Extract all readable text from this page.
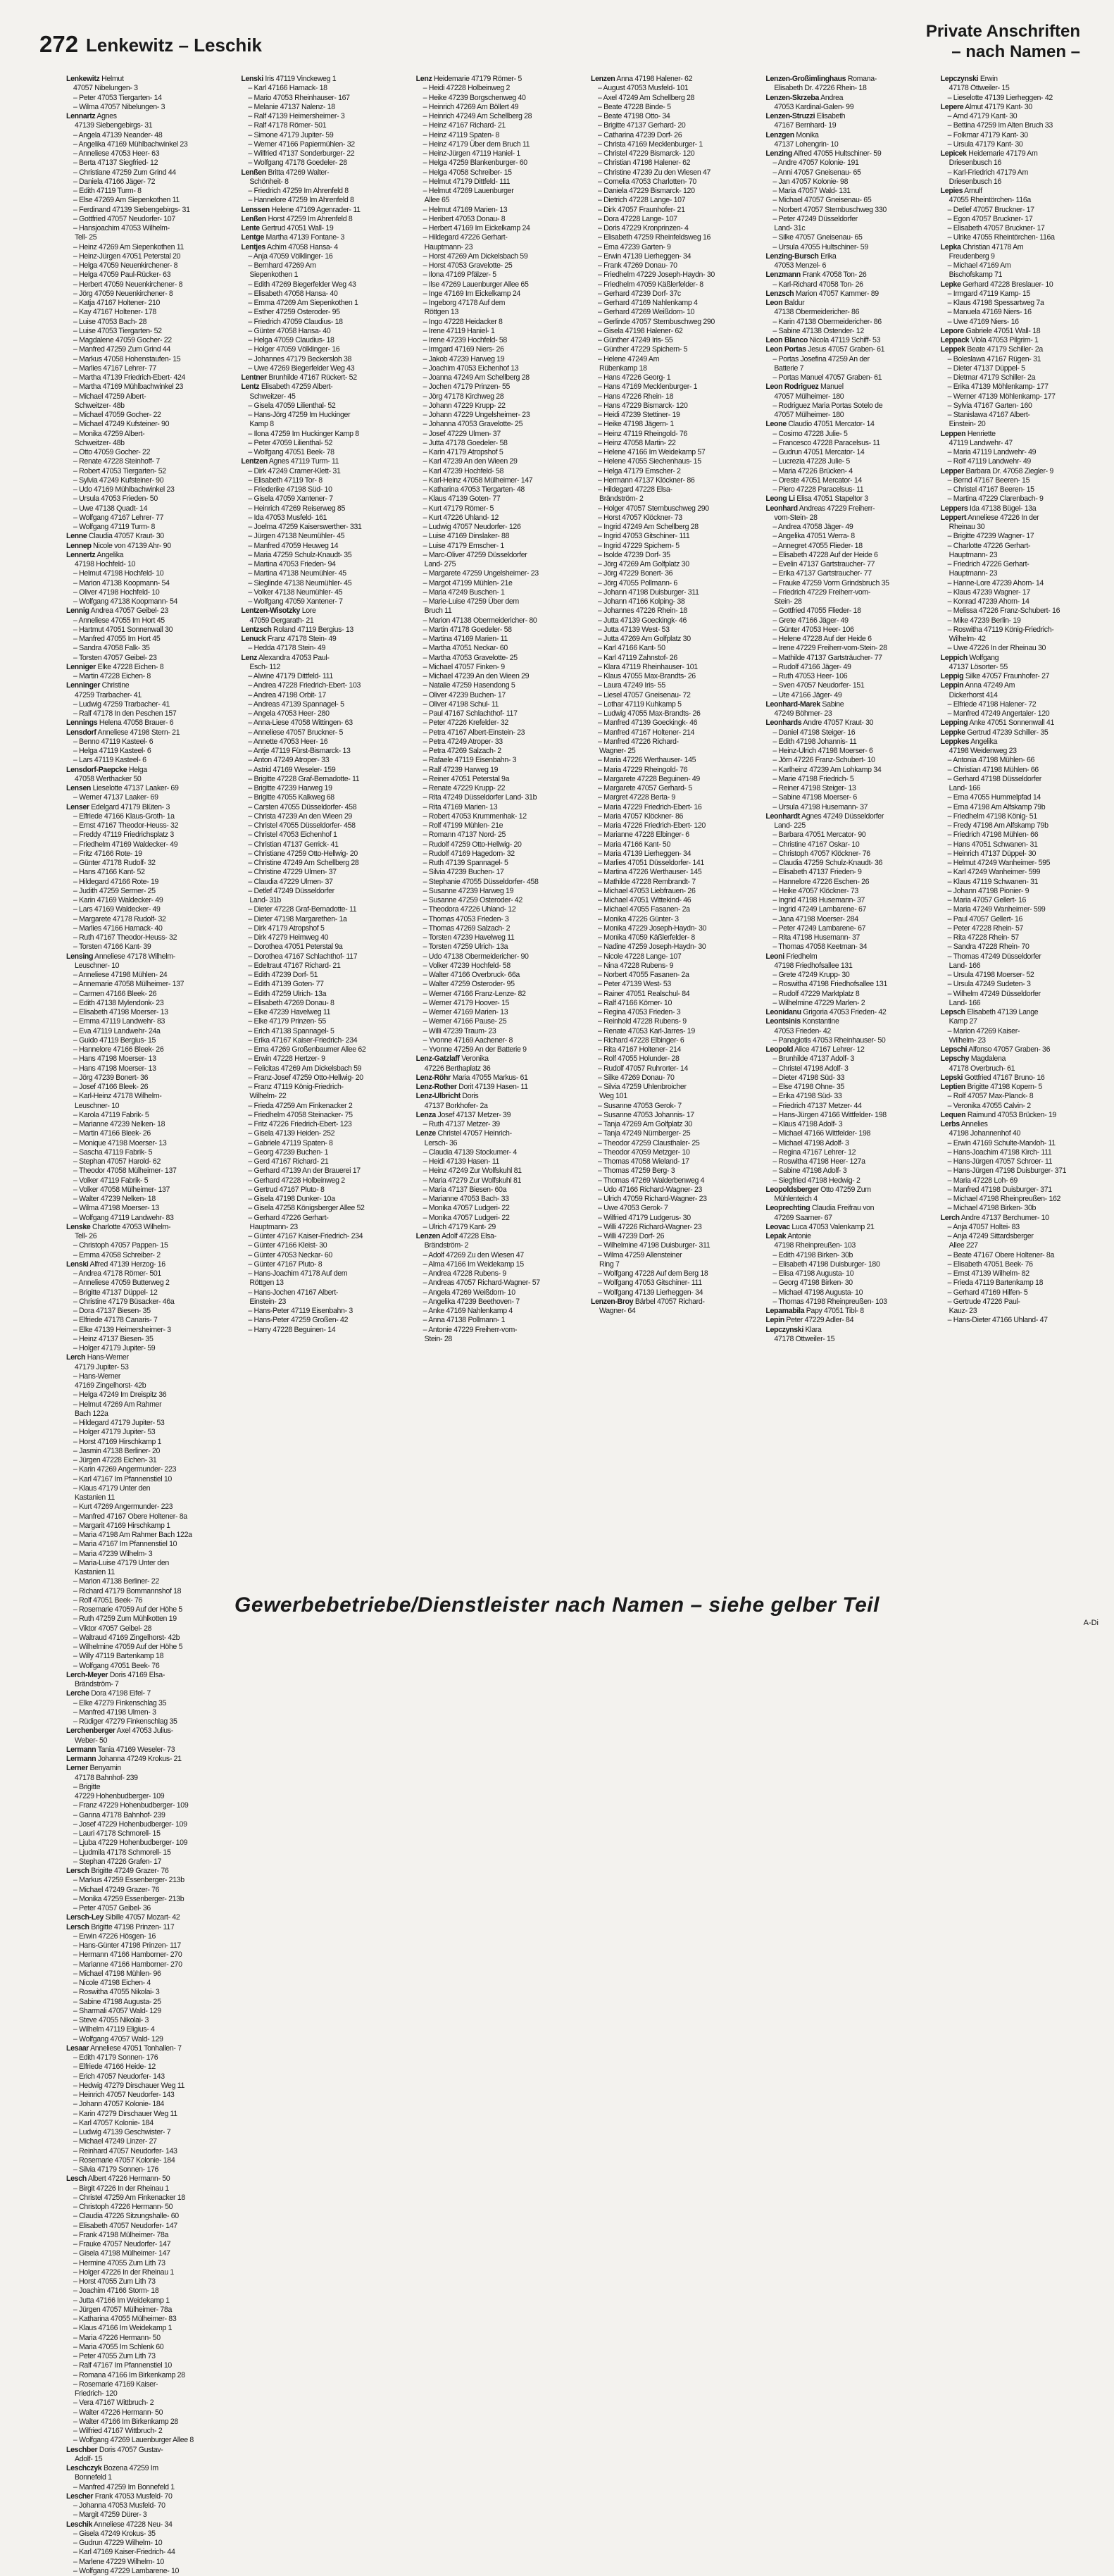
272 Lenkewitz – Leschik
Private Anschriften
– nach Namen –
Lenkewitz Helmut
47057 Nibelungen- 3
– Peter 47053 Tiergarten- 14
– Wilma 47057 Nibelungen- 3
Lennartz Agnes
47139 Siebengebirgs- 31
– Angela 47139 Neander- 48
– Angelika 47169 Mühlbachwinkel 23
– Anneliese 47053 Heer- 63
– Berta 47137 Siegfried- 12
– Christiane 47259 Zum Grind 44
– Daniela 47166 Jäger- 72
– Edith 47119 Turm- 8
– Else 47269 Am Siepenkothen 11
– Ferdinand 47139 Siebengebirgs- 31
– Gottfried 47057 Neudorfer- 107
– Hansjoachim 47053 Wilhelm-
Tell- 25
– Heinz 47269 Am Siepenkothen 11
– Heinz-Jürgen 47051 Peterstal 20
– Helga 47059 Neuenkirchener- 8
– Helga 47059 Paul-Rücker- 63
– Herbert 47059 Neuenkirchener- 8
– Jörg 47059 Neuenkirchener- 8
– Katja 47167 Holtener- 210
– Kay 47167 Holtener- 178
– Luise 47053 Bach- 28
– Luise 47053 Tiergarten- 52
– Magdalene 47059 Gocher- 22
– Manfred 47259 Zum Grind 44
– Markus 47058 Hohenstaufen- 15
– Marlies 47167 Lehrer- 77
– Martha 47139 Friedrich-Ebert- 424
– Martha 47169 Mühlbachwinkel 23
– Michael 47259 Albert-
Schweitzer- 48b
– Michael 47059 Gocher- 22
– Michael 47249 Kufsteiner- 90
– Monika 47259 Albert-
Schweitzer- 48b
– Otto 47059 Gocher- 22
– Renate 47228 Steinhoff- 7
– Robert 47053 Tiergarten- 52
– Sylvia 47249 Kufsteiner- 90
– Udo 47169 Mühlbachwinkel 23
– Ursula 47053 Frieden- 50
– Uwe 47138 Quadt- 14
– Wolfgang 47167 Lehrer- 77
– Wolfgang 47119 Turm- 8
Lenne Claudia 47057 Kraut- 30
Lennep Nicole von 47139 Ahr- 90
Lennertz Angelika
47198 Hochfeld- 10
– Helmut 47198 Hochfeld- 10
– Marion 47138 Koopmann- 54
– Oliver 47198 Hochfeld- 10
– Wolfgang 47138 Koopmann- 54
Lennig Andrea 47057 Geibel- 23
– Anneliese 47055 Im Hort 45
– Hartmut 47051 Sonnenwall 30
– Manfred 47055 Im Hort 45
– Sandra 47058 Falk- 35
– Torsten 47057 Geibel- 23
Lenniger Elke 47228 Eichen- 8
– Martin 47228 Eichen- 8
Lenninger Christine
47259 Trarbacher- 41
– Ludwig 47259 Trarbacher- 41
– Ralf 47178 In den Peschen 157
Lennings Helena 47058 Brauer- 6
Lensdorf Anneliese 47198 Stern- 21
– Benno 47119 Kasteel- 6
– Helga 47119 Kasteel- 6
– Lars 47119 Kasteel- 6
Lensdorf-Paepcke Helga
47058 Werthacker 50
Lensen Lieselotte 47137 Laaker- 69
– Werner 47137 Laaker- 69
Lenser Edelgard 47179 Blüten- 3
– Elfriede 47166 Klaus-Groth- 1a
– Ernst 47167 Theodor-Heuss- 32
– Freddy 47119 Friedrichsplatz 3
– Friedhelm 47169 Waldecker- 49
– Fritz 47166 Rote- 19
– Günter 47178 Rudolf- 32
– Hans 47166 Kant- 52
– Hildegard 47166 Rote- 19
– Judith 47259 Sermer- 25
– Karin 47169 Waldecker- 49
– Lars 47169 Waldecker- 49
– Margarete 47178 Rudolf- 32
– Marlies 47166 Harnack- 40
– Ruth 47167 Theodor-Heuss- 32
– Torsten 47166 Kant- 39
Lensing Anneliese 47178 Wilhelm-
Leuschner- 10
– Anneliese 47198 Mühlen- 24
– Annemarie 47058 Mülheimer- 137
– Carmen 47166 Bleek- 26
– Edith 47138 Mylendonk- 23
– Elisabeth 47198 Moerser- 13
– Emma 47119 Landwehr- 83
– Eva 47119 Landwehr- 24a
– Guido 47119 Bergius- 15
– Hannelore 47166 Bleek- 26
– Hans 47198 Moerser- 13
– Hans 47198 Moerser- 13
– Jörg 47239 Bonert- 36
– Josef 47166 Bleek- 26
– Karl-Heinz 47178 Wilhelm-
Leuschner- 10
– Karola 47119 Fabrik- 5
– Marianne 47239 Nelken- 18
– Martin 47166 Bleek- 26
– Monique 47198 Moerser- 13
– Sascha 47119 Fabrik- 5
– Stephan 47057 Harold- 62
– Theodor 47058 Mülheimer- 137
– Volker 47119 Fabrik- 5
– Volker 47058 Mülheimer- 137
– Walter 47239 Nelken- 18
– Wilma 47198 Moerser- 13
– Wolfgang 47119 Landwehr- 83
Lenske Charlotte 47053 Wilhelm-
Tell- 26
– Christoph 47057 Pappen- 15
– Emma 47058 Schreiber- 2
Lenski Alfred 47139 Herzog- 16
– Andrea 47178 Römer- 501
– Anneliese 47059 Butterweg 2
– Brigitte 47137 Düppel- 12
– Christine 47179 Büsacker- 46a
– Dora 47137 Biesen- 35
– Elfriede 47178 Canaris- 7
– Elke 47139 Heimersheimer- 3
– Heinz 47137 Biesen- 35
– Holger 47179 Jupiter- 59
Lenski Iris 47119 Vinckeweg 1
– Karl 47166 Harnack- 18
– Mario 47053 Rheinhauser- 167
– Melanie 47137 Nalenz- 18
– Ralf 47139 Heimersheimer- 3
– Ralf 47178 Römer- 501
– Simone 47179 Jupiter- 59
– Werner 47166 Papiermühlen- 32
– Wilfried 47137 Sonderburger- 22
– Wolfgang 47178 Goedeler- 28
Lenßen Britta 47269 Walter-
Schönheit- 8
– Friedrich 47259 Im Ahrenfeld 8
– Hannelore 47259 Im Ahrenfeld 8
Lenssen Helene 47169 Agenrader- 11
Lenßen Horst 47259 Im Ahrenfeld 8
Lente Gertrud 47051 Wall- 19
Lentge Martha 47139 Fontane- 3
Lentjes Achim 47058 Hansa- 4
– Anja 47059 Völklinger- 16
– Bernhard 47269 Am
Siepenkothen 1
– Edith 47269 Biegerfelder Weg 43
– Elisabeth 47058 Hansa- 40
– Emma 47269 Am Siepenkothen 1
– Esther 47259 Osteroder- 95
– Friedrich 47059 Claudius- 18
– Günter 47058 Hansa- 40
– Helga 47059 Claudius- 18
– Holger 47059 Völklinger- 16
– Johannes 47179 Beckersloh 38
– Uwe 47269 Biegerfelder Weg 43
Lentner Brunhilde 47167 Rückert- 52
Lentz Elisabeth 47259 Albert-
Schweitzer- 45
– Gisela 47059 Lilienthal- 52
– Hans-Jörg 47259 Im Huckinger
Kamp 8
– Ilona 47259 Im Huckinger Kamp 8
– Peter 47059 Lilienthal- 52
– Wolfgang 47051 Beek- 78
Lentzen Agnes 47119 Turm- 11
– Dirk 47249 Cramer-Klett- 31
– Elisabeth 47119 Tor- 8
– Friederike 47198 Süd- 10
– Gisela 47059 Xantener- 7
– Heinrich 47269 Reiserweg 85
– Ida 47053 Musfeld- 161
– Joelma 47259 Kaiserswerther- 331
– Jürgen 47138 Neumühler- 45
– Manfred 47059 Heuweg 14
– Maria 47259 Schulz-Knaudt- 35
– Martina 47053 Frieden- 94
– Martina 47138 Neumühler- 45
– Sieglinde 47138 Neumühler- 45
– Volker 47138 Neumühler- 45
– Wolfgang 47059 Xantener- 7
Lentzen-Wisotzky Lore
47059 Dergarath- 21
Lentzsch Roland 47119 Bergius- 13
Lenuck Franz 47178 Stein- 49
– Hedda 47178 Stein- 49
Lenz Alexandra 47053 Paul-
Esch- 112
– Alwine 47179 Dittfeld- 111
– Andrea 47228 Friedrich-Ebert- 103
– Andrea 47198 Orbit- 17
– Andreas 47139 Spannagel- 5
– Angela 47053 Heer- 280
– Anna-Liese 47058 Wittingen- 63
– Anneliese 47057 Bruckner- 5
– Annette 47053 Heer- 16
– Antje 47119 Fürst-Bismarck- 13
– Anton 47249 Atroper- 33
– Astrid 47169 Weseler- 159
– Brigitte 47228 Graf-Bernadotte- 11
– Brigitte 47239 Harweg 19
– Brigitte 47055 Kalkweg 68
– Carsten 47055 Düsseldorfer- 458
– Christa 47239 An den Wieen 29
– Christel 47055 Düsseldorfer- 458
– Christel 47053 Eichenhof 1
– Christian 47137 Gerrick- 41
– Christiane 47259 Otto-Hellwig- 20
– Christine 47249 Am Schellberg 28
– Christine 47229 Ulmen- 37
– Claudia 47229 Ulmen- 37
– Detlef 47249 Düsseldorfer
Land- 31b
– Dieter 47228 Graf-Bernadotte- 11
– Dieter 47198 Margarethen- 1a
– Dirk 47179 Atropshof 5
– Dirk 47279 Heimweg 40
– Dorothea 47051 Peterstal 9a
– Dorothea 47167 Schlachthof- 117
– Edeltraut 47167 Richard- 21
– Edith 47239 Dorf- 51
– Edith 47139 Goten- 77
– Edith 47259 Ulrich- 13a
– Elisabeth 47269 Donau- 8
– Elke 47239 Havelweg 11
– Elke 47179 Prinzen- 55
– Erich 47138 Spannagel- 5
– Erika 47167 Kaiser-Friedrich- 234
– Erna 47269 Großenbaumer Allee 62
– Erwin 47228 Hertzer- 9
– Felicitas 47269 Am Dickelsbach 59
– Franz-Josef 47259 Otto-Hellwig- 20
– Franz 47119 König-Friedrich-
Wilhelm- 22
– Frieda 47259 Am Finkenacker 2
– Friedhelm 47058 Steinacker- 75
– Fritz 47226 Friedrich-Ebert- 123
– Gisela 47139 Heiden- 252
– Gabriele 47119 Spaten- 8
– Georg 47239 Buchen- 1
– Gerd 47167 Richard- 21
– Gerhard 47139 An der Brauerei 17
– Gerhard 47228 Holbeinweg 2
– Gertrud 47167 Pluto- 8
– Gisela 47198 Dunker- 10a
– Gisela 47258 Königsberger Allee 52
– Gerhard 47226 Gerhart-
Hauptmann- 23
– Günter 47167 Kaiser-Friedrich- 234
– Günter 47166 Kleist- 30
– Günter 47053 Neckar- 60
– Günter 47167 Pluto- 8
– Hans-Joachim 47178 Auf dem
Röttgen 13
– Hans-Jochen 47167 Albert-
Einstein- 23
– Hans-Peter 47119 Eisenbahn- 3
– Hans-Peter 47259 Großen- 42
– Harry 47228 Beguinen- 14
Lenz Heidemarie 47179 Römer- 5
– Heidi 47228 Holbeinweg 2
– Heike 47239 Borgschenweg 40
– Heinrich 47269 Am Böllert 49
– Heinrich 47249 Am Schellberg 28
– Heinz 47167 Richard- 21
– Heinz 47119 Spaten- 8
– Heinz 47179 Über dem Bruch 11
– Heinz-Jürgen 47119 Haniel- 1
– Helga 47259 Blankenburger- 60
– Helga 47058 Schreiber- 15
– Helmut 47179 Dittfeld- 111
– Helmut 47269 Lauenburger
Allee 65
– Helmut 47169 Marien- 13
– Heribert 47053 Donau- 8
– Herbert 47169 Im Eickelkamp 24
– Hildegard 47226 Gerhart-
Hauptmann- 23
– Horst 47269 Am Dickelsbach 59
– Horst 47053 Gravelotte- 25
– Ilona 47169 Pfälzer- 5
– Ilse 47269 Lauenburger Allee 65
– Inge 47169 Im Eickelkamp 24
– Ingeborg 47178 Auf dem
Röttgen 13
– Ingo 47228 Heidacker 8
– Irene 47119 Haniel- 1
– Irene 47239 Hochfeld- 58
– Irmgard 47169 Niers- 26
– Jakob 47239 Harweg 19
– Joachim 47053 Eichenhof 13
– Joanna 47249 Am Schellberg 28
– Jochen 47179 Prinzen- 55
– Jörg 47178 Kirchweg 28
– Johann 47229 Krupp- 22
– Johann 47229 Ungelsheimer- 23
– Johanna 47053 Gravelotte- 25
– Josef 47229 Ulmen- 37
– Jutta 47178 Goedeler- 58
– Karin 47179 Atropshof 5
– Karl 47239 An den Wieen 29
– Karl 47239 Hochfeld- 58
– Karl-Heinz 47058 Mülheimer- 147
– Katharina 47053 Tiergarten- 48
– Klaus 47139 Goten- 77
– Kurt 47179 Römer- 5
– Kurt 47226 Uhland- 12
– Ludwig 47057 Neudorfer- 126
– Luise 47169 Dinslaker- 88
– Luise 47179 Emscher- 1
– Marc-Oliver 47259 Düsseldorfer
Land- 275
– Margarete 47259 Ungelsheimer- 23
– Margot 47199 Mühlen- 21e
– Maria 47249 Buschen- 1
– Marie-Luise 47259 Über dem
Bruch 11
– Marion 47138 Obermeidericher- 80
– Martin 47178 Goedeler- 58
– Martina 47169 Marien- 11
– Martha 47051 Neckar- 60
– Martha 47053 Gravelotte- 25
– Michael 47057 Finken- 9
– Michael 47239 An den Wieen 29
– Natalie 47259 Hasendong 5
– Oliver 47239 Buchen- 17
– Oliver 47198 Schul- 11
– Paul 47167 Schlachthof- 117
– Peter 47226 Krefelder- 32
– Petra 47167 Albert-Einstein- 23
– Petra 47249 Atroper- 33
– Petra 47269 Salzach- 2
– Rafaele 47119 Eisenbahn- 3
– Ralf 47239 Harweg 19
– Reiner 47051 Peterstal 9a
– Renate 47229 Krupp- 22
– Rita 47249 Düsseldorfer Land- 31b
– Rita 47169 Marien- 13
– Robert 47053 Krummenhak- 12
– Rolf 47199 Mühlen- 21e
– Romann 47137 Nord- 25
– Rudolf 47259 Otto-Hellwig- 20
– Rudolf 47169 Hagedorn- 32
– Ruth 47139 Spannagel- 5
– Silvia 47239 Buchen- 17
– Stephanie 47055 Düsseldorfer- 458
– Susanne 47239 Harweg 19
– Susanne 47259 Osteroder- 42
– Theodora 47226 Uhland- 12
– Thomas 47053 Frieden- 3
– Thomas 47269 Salzach- 2
– Torsten 47239 Havelweg 11
– Torsten 47259 Ulrich- 13a
– Udo 47138 Obermeidericher- 90
– Volker 47239 Hochfeld- 58
– Walter 47166 Overbruck- 66a
– Walter 47259 Osteroder- 95
– Werner 47166 Franz-Lenze- 82
– Werner 47179 Hoover- 15
– Werner 47169 Marien- 13
– Werner 47166 Pause- 25
– Willi 47239 Traum- 23
– Yvonne 47169 Aachener- 8
– Yvonne 47259 An der Batterie 9
Lenz-Gatzlaff Veronika
47226 Berthaplatz 36
Lenz-Röhr Maria 47055 Markus- 61
Lenz-Rother Dorit 47139 Hasen- 11
Lenz-Ulbricht Doris
47137 Borkhofer- 2a
Lenza Josef 47137 Metzer- 39
– Ruth 47137 Metzer- 39
Lenze Christel 47057 Heinrich-
Lersch- 36
– Claudia 47139 Stockumer- 4
– Heidi 47139 Hasen- 11
– Heinz 47249 Zur Wolfskuhl 81
– Maria 47279 Zur Wolfskuhl 81
– Maria 47137 Biesen- 60a
– Marianne 47053 Bach- 33
– Monika 47057 Ludgeri- 22
– Monika 47057 Ludgeri- 22
– Ulrich 47179 Kant- 29
Lenzen Adolf 47228 Elsa-
Brändström- 2
– Adolf 47269 Zu den Wiesen 47
– Alma 47166 Im Weidekamp 15
– Andrea 47228 Rubens- 9
– Andreas 47057 Richard-Wagner- 57
– Angela 47269 Weißdorn- 10
– Angelika 47239 Beethoven- 7
– Anke 47169 Nahlenkamp 4
– Anna 47138 Pollmann- 1
– Antonie 47229 Freiherr-vom-
Stein- 28
Lenzen Anna 47198 Halener- 62
– August 47053 Musfeld- 101
– Axel 47249 Am Schellberg 28
– Beate 47228 Binde- 5
– Beate 47198 Otto- 34
– Brigitte 47137 Gerhard- 20
– Catharina 47239 Dorf- 26
– Christa 47169 Mecklenburger- 1
– Christel 47229 Bismarck- 120
– Christian 47198 Halener- 62
– Christine 47239 Zu den Wiesen 47
– Cornelia 47053 Charlotten- 70
– Daniela 47229 Bismarck- 120
– Dietrich 47228 Lange- 107
– Dirk 47057 Fraunhofer- 21
– Dora 47228 Lange- 107
– Doris 47229 Kronprinzen- 4
– Elisabeth 47259 Rheinfeldsweg 16
– Erna 47239 Garten- 9
– Erwin 47139 Lierheggen- 34
– Frank 47269 Donau- 70
– Friedhelm 47229 Joseph-Haydn- 30
– Friedhelm 47059 Käßlerfelder- 8
– Gerhard 47239 Dorf- 37c
– Gerhard 47169 Nahlenkamp 4
– Gerhard 47269 Weißdorn- 10
– Gerlinde 47057 Sternbuschweg 290
– Gisela 47198 Halener- 62
– Günther 47249 Iris- 55
– Günther 47229 Spichern- 5
– Helene 47249 Am
Rübenkamp 18
– Hans 47226 Georg- 1
– Hans 47169 Mecklenburger- 1
– Hans 47226 Rhein- 18
– Hans 47229 Bismarck- 120
– Heidi 47239 Stettiner- 19
– Heike 47198 Jägern- 1
– Heinz 47119 Rheingold- 76
– Heinz 47058 Martin- 22
– Helene 47166 Im Weidekamp 57
– Helene 47055 Siechenhaus- 15
– Helga 47179 Emscher- 2
– Hermann 47137 Klöckner- 86
– Hildegard 47228 Elsa-
Brändström- 2
– Holger 47057 Sternbuschweg 290
– Horst 47057 Klöckner- 73
– Ingrid 47249 Am Schellberg 28
– Ingrid 47053 Gitschiner- 111
– Ingrid 47229 Spichern- 5
– Isolde 47239 Dorf- 35
– Jörg 47269 Am Golfplatz 30
– Jörg 47229 Bonert- 36
– Jörg 47055 Pollmann- 6
– Johann 47198 Duisburger- 311
– Johann 47166 Kolping- 38
– Johannes 47226 Rhein- 18
– Jutta 47139 Goeckingk- 46
– Jutta 47139 West- 53
– Jutta 47269 Am Golfplatz 30
– Karl 47166 Kant- 50
– Karl 47119 Zahnstof- 26
– Klara 47119 Rheinhauser- 101
– Klaus 47055 Max-Brandts- 26
– Laura 47249 Iris- 55
– Liesel 47057 Gneisenau- 72
– Lothar 47119 Kuhkamp 5
– Ludwig 47055 Max-Brandts- 26
– Manfred 47139 Goeckingk- 46
– Manfred 47167 Holtener- 214
– Manfred 47226 Richard-
Wagner- 25
– Maria 47226 Werthauser- 145
– Maria 47229 Rheingold- 76
– Margarete 47228 Beguinen- 49
– Margarete 47057 Gerhard- 5
– Margret 47228 Berta- 9
– Maria 47229 Friedrich-Ebert- 16
– Maria 47057 Klöckner- 86
– Maria 47226 Friedrich-Ebert- 120
– Marianne 47228 Elbinger- 6
– Maria 47166 Kant- 50
– Maria 47139 Lierheggen- 34
– Marlies 47051 Düsseldorfer- 141
– Martina 47226 Werthauser- 145
– Mathilde 47228 Rembrandt- 7
– Michael 47053 Liebfrauen- 26
– Michael 47051 Wittekind- 46
– Michael 47055 Fasanen- 2a
– Monika 47226 Günter- 3
– Monika 47229 Joseph-Haydn- 30
– Monika 47059 Käßlerfelder- 8
– Nadine 47259 Joseph-Haydn- 30
– Nicole 47228 Lange- 107
– Nina 47228 Rubens- 9
– Norbert 47055 Fasanen- 2a
– Peter 47139 West- 53
– Rainer 47051 Realschul- 84
– Ralf 47166 Körner- 10
– Regina 47053 Frieden- 3
– Reinhold 47228 Rubens- 9
– Renate 47053 Karl-Jarres- 19
– Richard 47228 Elbinger- 6
– Rita 47167 Holtener- 214
– Rolf 47055 Holunder- 28
– Rudolf 47057 Ruhrorter- 14
– Silke 47269 Donau- 70
– Silvia 47259 Uhlenbroicher
Weg 101
– Susanne 47053 Gerok- 7
– Susanne 47053 Johannis- 17
– Tanja 47269 Am Golfplatz 30
– Tanja 47249 Nürnberger- 25
– Theodor 47259 Clausthaler- 25
– Theodor 47059 Metzger- 10
– Thomas 47058 Wieland- 17
– Thomas 47259 Berg- 3
– Thomas 47269 Walderbenweg 4
– Udo 47166 Richard-Wagner- 23
– Ulrich 47059 Richard-Wagner- 23
– Uwe 47053 Gerok- 7
– Wilfried 47179 Ludgerus- 30
– Willi 47226 Richard-Wagner- 23
– Willi 47239 Dorf- 26
– Wilhelmine 47198 Duisburger- 311
– Wilma 47259 Allensteiner
Ring 7
– Wolfgang 47228 Auf dem Berg 18
– Wolfgang 47053 Gitschiner- 111
– Wolfgang 47139 Lierheggen- 34
Lenzen-Broy Bärbel 47057 Richard-
Wagner- 64
Lenzen-Großimlinghaus Romana-
Elisabeth Dr. 47226 Rhein- 18
Lenzen-Skrzeba Andrea
47053 Kardinal-Galen- 99
Lenzen-Struzzi Elisabeth
47167 Bernhard- 19
Lenzgen Monika
47137 Lohengrin- 10
Lenzing Alfred 47055 Hultschiner- 59
– Andre 47057 Kolonie- 191
– Anni 47057 Gneisenau- 65
– Jan 47057 Kolonie- 98
– Maria 47057 Wald- 131
– Michael 47057 Gneisenau- 65
– Norbert 47057 Sternbuschweg 330
– Peter 47249 Düsseldorfer
Land- 31c
– Silke 47057 Gneisenau- 65
– Ursula 47055 Hultschiner- 59
Lenzing-Bursch Erika
47053 Menzel- 6
Lenzmann Frank 47058 Ton- 26
– Karl-Richard 47058 Ton- 26
Lenzsch Marion 47057 Kammer- 89
Leon Baldur
47138 Obermeidericher- 86
– Karin 47138 Obermeidericher- 86
– Sabine 47138 Ostender- 12
Leon Blanco Nicola 47119 Schiff- 53
Leon Portas Jesus 47057 Graben- 61
– Portas Josefina 47259 An der
Batterie 7
– Portas Manuel 47057 Graben- 61
Leon Rodriguez Manuel
47057 Mülheimer- 180
– Rodriguez Maria Portas Sotelo de
47057 Mülheimer- 180
Leone Claudio 47051 Mercator- 14
– Cosimo 47228 Julie- 5
– Francesco 47228 Paracelsus- 11
– Gudrun 47051 Mercator- 14
– Lucrezia 47228 Julie- 5
– Maria 47226 Brücken- 4
– Oreste 47051 Mercator- 14
– Piero 47228 Paracelsus- 11
Leong Li Elisa 47051 Stapeltor 3
Leonhard Andreas 47229 Freiherr-
vom-Stein- 28
– Andrea 47058 Jäger- 49
– Angelika 47051 Werra- 8
– Annegret 47055 Flieder- 18
– Elisabeth 47228 Auf der Heide 6
– Evelin 47137 Gartstraucher- 77
– Erika 47137 Gartstraucher- 77
– Frauke 47259 Vorm Grindsbruch 35
– Friedrich 47229 Freiherr-vom-
Stein- 28
– Gottfried 47055 Flieder- 18
– Grete 47166 Jäger- 49
– Günter 47053 Heer- 106
– Helene 47228 Auf der Heide 6
– Irene 47229 Freiherr-vom-Stein- 28
– Mathilde 47137 Gartsträucher- 77
– Rudolf 47166 Jäger- 49
– Ruth 47053 Heer- 106
– Sven 47057 Neudorfer- 151
– Ute 47166 Jäger- 49
Leonhard-Marek Sabine
47249 Böhmer- 23
Leonhards Andre 47057 Kraut- 30
– Daniel 47198 Steiger- 16
– Edith 47198 Johannis- 11
– Heinz-Ulrich 47198 Moerser- 6
– Jörn 47226 Franz-Schubert- 10
– Karlheinz 47239 Am Lohkamp 34
– Marie 47198 Friedrich- 5
– Reiner 47198 Steiger- 13
– Sabine 47198 Moerser- 6
– Ursula 47198 Husemann- 37
Leonhardt Agnes 47249 Düsseldorfer
Land- 225
– Barbara 47051 Mercator- 90
– Christine 47167 Oskar- 10
– Christoph 47057 Klöckner- 76
– Claudia 47259 Schulz-Knaudt- 36
– Elisabeth 47137 Frieden- 9
– Hannelore 47226 Eschen- 26
– Heike 47057 Klöckner- 73
– Ingrid 47198 Husemann- 37
– Ingrid 47249 Lambarene- 67
– Jana 47198 Moerser- 284
– Peter 47249 Lambarene- 67
– Rita 47198 Husemann- 37
– Thomas 47058 Keetman- 34
Leoni Friedhelm
47198 Friedhofsallee 131
– Grete 47249 Krupp- 30
– Roswitha 47198 Friedhofsallee 131
– Rudolf 47229 Marktplatz 8
– Wilhelmine 47229 Marlen- 2
Leonidanu Grigoria 47053 Frieden- 42
Leontsinis Konstantine
47053 Frieden- 42
– Panagiotis 47053 Rheinhauser- 50
Leopold Alice 47167 Lehrer- 12
– Brunhilde 47137 Adolf- 3
– Christel 47198 Adolf- 3
– Dieter 47198 Süd- 33
– Else 47198 Ohne- 35
– Erika 47198 Süd- 33
– Friedrich 47137 Metzer- 44
– Hans-Jürgen 47166 Wittfelder- 198
– Klaus 47198 Adolf- 3
– Michael 47166 Wittfelder- 198
– Michael 47198 Adolf- 3
– Regina 47167 Lehrer- 12
– Roswitha 47198 Heer- 127a
– Sabine 47198 Adolf- 3
– Siegfried 47198 Hedwig- 2
Leopoldsberger Otto 47259 Zum
Mühlenteich 4
Leoprechting Claudia Freifrau von
47269 Saarner- 67
Leovac Luca 47053 Valenkamp 21
Lepak Antonie
47198 Rheinpreußen- 103
– Edith 47198 Birken- 30b
– Elisabeth 47198 Duisburger- 180
– Elisa 47198 Augusta- 10
– Georg 47198 Birken- 30
– Michael 47198 Augusta- 10
– Thomas 47198 Rheinpreußen- 103
Lepamabila Papy 47051 Tibl- 8
Lepin Peter 47229 Adler- 84
Lepczynski Klara
47178 Ottweiler- 15
Lepczynski Erwin
47178 Ottweiler- 15
– Lieselotte 47139 Lierheggen- 42
Lepere Almut 47179 Kant- 30
– Arnd 47179 Kant- 30
– Bettina 47259 Im Alten Bruch 33
– Folkmar 47179 Kant- 30
– Ursula 47179 Kant- 30
Lepicek Heidemarie 47179 Am
Driesenbusch 16
– Karl-Friedrich 47179 Am
Driesenbusch 16
Lepies Arnulf
47055 Rheintörchen- 116a
– Detlef 47057 Bruckner- 17
– Egon 47057 Bruckner- 17
– Elisabeth 47057 Bruckner- 17
– Ulrike 47055 Rheintörchen- 116a
Lepka Christian 47178 Am
Freudenberg 9
– Michael 47169 Am
Bischofskamp 71
Lepke Gerhard 47228 Breslauer- 10
– Irmgard 47119 Kamp- 15
– Klaus 47198 Spessartweg 7a
– Manuela 47169 Niers- 16
– Uwe 47169 Niers- 16
Lepore Gabriele 47051 Wall- 18
Leppack Viola 47053 Pilgrim- 1
Leppek Beate 47179 Schiller- 2a
– Boleslawa 47167 Rügen- 31
– Dieter 47137 Düppel- 5
– Dietmar 47179 Schiller- 2a
– Erika 47139 Möhlenkamp- 177
– Werner 47139 Möhlenkamp- 177
– Sylvia 47167 Garten- 160
– Stanislawa 47167 Albert-
Einstein- 20
Leppen Henriette
47119 Landwehr- 47
– Maria 47119 Landwehr- 49
– Rolf 47119 Landwehr- 49
Lepper Barbara Dr. 47058 Ziegler- 9
– Bernd 47167 Beeren- 15
– Christel 47167 Beeren- 15
– Martina 47229 Clarenbach- 9
Leppers Ida 47138 Bügel- 13a
Leppert Anneliese 47226 In der
Rheinau 30
– Brigitte 47239 Wagner- 17
– Charlotte 47226 Gerhart-
Hauptmann- 23
– Friedrich 47226 Gerhart-
Hauptmann- 23
– Hanne-Lore 47239 Ahorn- 14
– Klaus 47239 Wagner- 17
– Konrad 47239 Ahorn- 14
– Melissa 47226 Franz-Schubert- 16
– Mike 47239 Berlin- 19
– Roswitha 47119 König-Friedrich-
Wilhelm- 42
– Uwe 47226 In der Rheinau 30
Leppich Wolfgang
47137 Lösorter- 55
Leppig Silke 47057 Fraunhofer- 27
Leppin Anna 47249 Am
Dickerhorst 414
– Elfriede 47198 Halener- 72
– Manfred 47249 Angertaler- 120
Lepping Anke 47051 Sonnenwall 41
Leppke Gertrud 47239 Schiller- 35
Leppkes Angelika
47198 Weidenweg 23
– Antonia 47198 Mühlen- 66
– Christian 47198 Mühlen- 66
– Gerhard 47198 Düsseldorfer
Land- 166
– Erna 47055 Hummelpfad 14
– Erna 47198 Am Alfskamp 79b
– Friedhelm 47198 König- 51
– Fredy 47198 Am Alfskamp 79b
– Friedrich 47198 Mühlen- 66
– Hans 47051 Schwanen- 31
– Heinrich 47137 Düppel- 30
– Helmut 47249 Wanheimer- 595
– Karl 47249 Wanheimer- 599
– Klaus 47119 Schwanen- 31
– Johann 47198 Pionier- 9
– Maria 47057 Gellert- 16
– Maria 47249 Wanheimer- 599
– Paul 47057 Gellert- 16
– Peter 47228 Rhein- 57
– Rita 47228 Rhein- 57
– Sandra 47228 Rhein- 70
– Thomas 47249 Düsseldorfer
Land- 166
– Ursula 47198 Moerser- 52
– Ursula 47249 Sudeten- 3
– Wilhelm 47249 Düsseldorfer
Land- 166
Lepsch Elisabeth 47139 Lange
Kamp 27
– Marion 47269 Kaiser-
Wilhelm- 23
Lepschi Alfonso 47057 Graben- 36
Lepschy Magdalena
47178 Overbruch- 61
Lepski Gottfried 47167 Bruno- 16
Leptien Brigitte 47198 Kopern- 5
– Rolf 47057 Max-Planck- 8
– Veronika 47055 Calvin- 2
Lequen Raimund 47053 Brücken- 19
Lerbs Annelies
47198 Johannenhof 40
– Erwin 47169 Schulte-Marxloh- 11
– Hans-Joachim 47198 Kirch- 111
– Hans-Jürgen 47057 Schroer- 11
– Hans-Jürgen 47198 Duisburger- 371
– Maria 47228 Loh- 69
– Manfred 47198 Duisburger- 371
– Michael 47198 Rheinpreußen- 162
– Michael 47198 Birken- 30b
Lerch Andre 47137 Berchumer- 10
– Anja 47057 Holtei- 83
– Anja 47249 Sittardsberger
Allee 227
– Beate 47167 Obere Holtener- 8a
– Elisabeth 47051 Beek- 76
– Ernst 47139 Wilhelm- 82
– Frieda 47119 Bartenkamp 18
– Gerhard 47169 Hilfen- 5
– Gertrude 47226 Paul-
Kauz- 23
– Hans-Dieter 47166 Uhland- 47
Lerch Hans-Werner
47179 Jupiter- 53
– Hans-Werner
47169 Zingelhorst- 42b
– Helga 47249 Im Dreispitz 36
– Helmut 47269 Am Rahmer
Bach 122a
– Hildegard 47179 Jupiter- 53
– Holger 47179 Jupiter- 53
– Horst 47169 Hirschkamp 1
– Jasmin 47138 Berliner- 20
– Jürgen 47228 Eichen- 31
– Karin 47269 Angermunder- 223
– Karl 47167 Im Pfannenstiel 10
– Klaus 47179 Unter den
Kastanien 11
– Kurt 47269 Angermunder- 223
– Manfred 47167 Obere Holtener- 8a
– Margarit 47169 Hirschkamp 1
– Maria 47198 Am Rahmer Bach 122a
– Maria 47167 Im Pfannenstiel 10
– Maria 47239 Wilhelm- 3
– Maria-Luise 47179 Unter den
Kastanien 11
– Marion 47138 Berliner- 22
– Richard 47179 Bommannshof 18
– Rolf 47051 Beek- 76
– Rosemarie 47059 Auf der Höhe 5
– Ruth 47259 Zum Mühlkotten 19
– Viktor 47057 Geibel- 28
– Waltraud 47169 Zingelhorst- 42b
– Wilhelmine 47059 Auf der Höhe 5
– Willy 47119 Bartenkamp 18
– Wolfgang 47051 Beek- 76
Lerch-Meyer Doris 47169 Elsa-
Brändström- 7
Lerche Dora 47198 Eifel- 7
– Elke 47279 Finkenschlag 35
– Manfred 47198 Ulmen- 3
– Rüdiger 47279 Finkenschlag 35
Lerchenberger Axel 47053 Julius-
Weber- 50
Lermann Tania 47169 Weseler- 73
Lermann Johanna 47249 Krokus- 21
Lerner Benyamin
47178 Bahnhof- 239
– Brigitte
47229 Hohenbudberger- 109
– Franz 47229 Hohenbudberger- 109
– Ganna 47178 Bahnhof- 239
– Josef 47229 Hohenbudberger- 109
– Lauri 47178 Schmorell- 15
– Ljuba 47229 Hohenbudberger- 109
– Ljudmila 47178 Schmorell- 15
– Stephan 47226 Grafen- 17
Lersch Brigitte 47249 Grazer- 76
– Markus 47259 Essenberger- 213b
– Michael 47249 Grazer- 76
– Monika 47259 Essenberger- 213b
– Peter 47057 Geibel- 36
Lersch-Ley Sibille 47057 Mozart- 42
Lersch Brigitte 47198 Prinzen- 117
– Erwin 47226 Hösgen- 16
– Hans-Günter 47198 Prinzen- 117
– Hermann 47166 Hamborner- 270
– Marianne 47166 Hamborner- 270
– Michael 47198 Mühlen- 96
– Nicole 47198 Eichen- 4
– Roswitha 47055 Nikolai- 3
– Sabine 47198 Augusta- 25
– Sharmali 47057 Wald- 129
– Steve 47055 Nikolai- 3
– Wilhelm 47119 Eligius- 4
– Wolfgang 47057 Wald- 129
Lesaar Anneliese 47051 Tonhallen- 7
– Edith 47179 Sonnen- 176
– Elfriede 47166 Heide- 12
– Erich 47057 Neudorfer- 143
– Hedwig 47279 Dirschauer Weg 11
– Heinrich 47057 Neudorfer- 143
– Johann 47057 Kolonie- 184
– Karin 47279 Dirschauer Weg 11
– Karl 47057 Kolonie- 184
– Ludwig 47139 Geschwister- 7
– Michael 47249 Linzer- 27
– Reinhard 47057 Neudorfer- 143
– Rosemarie 47057 Kolonie- 184
– Silvia 47179 Sonnen- 176
Lesch Albert 47226 Hermann- 50
– Birgit 47226 In der Rheinau 1
– Christel 47259 Am Finkenacker 18
– Christoph 47226 Hermann- 50
– Claudia 47226 Sitzungshalle- 60
– Elisabeth 47057 Neudorfer- 147
– Frank 47198 Mülheimer- 78a
– Frauke 47057 Neudorfer- 147
– Gisela 47198 Mülheimer- 147
– Hermine 47055 Zum Lith 73
– Holger 47226 In der Rheinau 1
– Horst 47055 Zum Lith 73
– Joachim 47166 Storm- 18
– Jutta 47166 Im Weidekamp 1
– Jürgen 47057 Mülheimer- 78a
– Katharina 47055 Mülheimer- 83
– Klaus 47166 Im Weidekamp 1
– Maria 47226 Hermann- 50
– Maria 47055 Im Schlenk 60
– Peter 47055 Zum Lith 73
– Ralf 47167 Im Pfannenstiel 10
– Romana 47166 Im Birkenkamp 28
– Rosemarie 47169 Kaiser-
Friedrich- 120
– Vera 47167 Wittbruch- 2
– Walter 47226 Hermann- 50
– Walter 47166 Im Birkenkamp 28
– Wilfried 47167 Wittbruch- 2
– Wolfgang 47269 Lauenburger Allee 8
Leschber Doris 47057 Gustav-
Adolf- 15
Leschczyk Bozena 47259 Im
Bonnefeld 1
– Manfred 47259 Im Bonnefeld 1
Lescher Frank 47053 Musfeld- 70
– Johanna 47053 Musfeld- 70
– Margit 47259 Dürer- 3
Leschik Anneliese 47228 Neu- 34
– Gisela 47249 Krokus- 35
– Gudrun 47229 Wilhelm- 10
– Karl 47169 Kaiser-Friedrich- 44
– Marlene 47229 Wilhelm- 10
– Wolfgang 47229 Lambarene- 10
Gewerbebetriebe/Dienstleister nach Namen – siehe gelber Teil
A-Di
